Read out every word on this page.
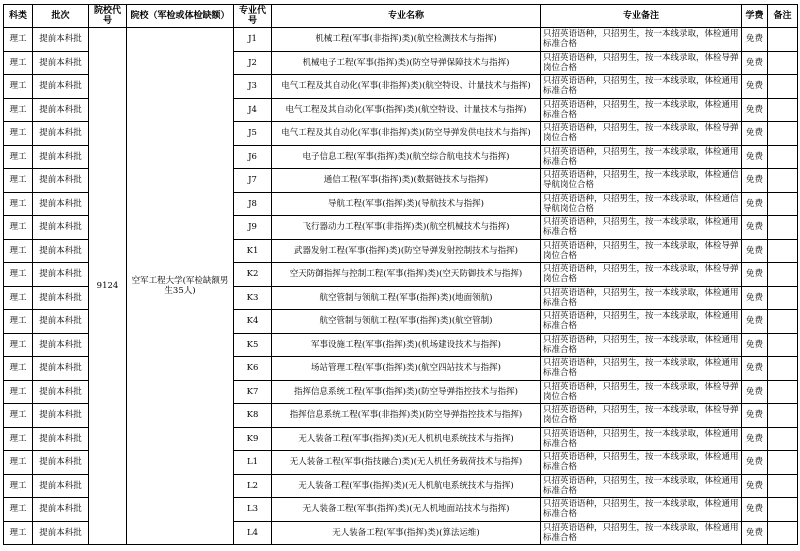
科类	批次	院校代号	院校（军检或体检缺额）	专业代号	专业名称	专业备注	学费	备注
理工	提前本科批	9124	空军工程大学(军检缺额男生35人)	J1	机械工程(军事(非指挥)类)(航空检测技术与指挥)	只招英语语种，只招男生，按一本线录取，体检通用标准合格	免费	
理工	提前本科批			J2	机械电子工程(军事(指挥)类)(防空导弹保障技术与指挥)	只招英语语种，只招男生，按一本线录取，体检导弹岗位合格	免费	
理工	提前本科批			J3	电气工程及其自动化(军事(非指挥)类)(航空特设、计量技术与指挥)	只招英语语种，只招男生，按一本线录取，体检通用标准合格	免费	
理工	提前本科批			J4	电气工程及其自动化(军事(指挥)类)(航空特设、计量技术与指挥)	只招英语语种，只招男生，按一本线录取，体检通用标准合格	免费	
理工	提前本科批			J5	电气工程及其自动化(军事(非指挥)类)(防空导弹发供电技术与指挥)	只招英语语种，只招男生，按一本线录取，体检导弹岗位合格	免费	
理工	提前本科批			J6	电子信息工程(军事(指挥)类)(航空综合航电技术与指挥)	只招英语语种，只招男生，按一本线录取，体检通用标准合格	免费	
理工	提前本科批			J7	通信工程(军事(指挥)类)(数据链技术与指挥)	只招英语语种，只招男生，按一本线录取，体检通信导航岗位合格	免费	
理工	提前本科批			J8	导航工程(军事(指挥)类)(导航技术与指挥)	只招英语语种，只招男生，按一本线录取，体检通信导航岗位合格	免费	
理工	提前本科批			J9	飞行器动力工程(军事(非指挥)类)(航空机械技术与指挥)	只招英语语种，只招男生，按一本线录取，体检通用标准合格	免费	
理工	提前本科批			K1	武器发射工程(军事(指挥)类)(防空导弹发射控制技术与指挥)	只招英语语种，只招男生，按一本线录取，体检导弹岗位合格	免费	
理工	提前本科批			K2	空天防御指挥与控制工程(军事(指挥)类)(空天防御技术与指挥)	只招英语语种，只招男生，按一本线录取，体检导弹岗位合格	免费	
理工	提前本科批			K3	航空管制与领航工程(军事(指挥)类)(地面领航)	只招英语语种，只招男生，按一本线录取，体检通用标准合格	免费	
理工	提前本科批			K4	航空管制与领航工程(军事(指挥)类)(航空管制)	只招英语语种，只招男生，按一本线录取，体检通用标准合格	免费	
理工	提前本科批			K5	军事设施工程(军事(指挥)类)(机场建设技术与指挥)	只招英语语种，只招男生，按一本线录取，体检通用标准合格	免费	
理工	提前本科批			K6	场站管理工程(军事(指挥)类)(航空四站技术与指挥)	只招英语语种，只招男生，按一本线录取，体检通用标准合格	免费	
理工	提前本科批			K7	指挥信息系统工程(军事(指挥)类)(防空导弹指控技术与指挥)	只招英语语种，只招男生，按一本线录取，体检导弹岗位合格	免费	
理工	提前本科批			K8	指挥信息系统工程(军事(非指挥)类)(防空导弹指控技术与指挥)	只招英语语种，只招男生，按一本线录取，体检导弹岗位合格	免费	
理工	提前本科批			K9	无人装备工程(军事(指挥)类)(无人机机电系统技术与指挥)	只招英语语种，只招男生，按一本线录取，体检通用标准合格	免费	
理工	提前本科批			L1	无人装备工程(军事(指技融合)类)(无人机任务载荷技术与指挥)	只招英语语种，只招男生，按一本线录取，体检通用标准合格	免费	
理工	提前本科批			L2	无人装备工程(军事(指挥)类)(无人机航电系统技术与指挥)	只招英语语种，只招男生，按一本线录取，体检通用标准合格	免费	
理工	提前本科批			L3	无人装备工程(军事(指挥)类)(无人机地面站技术与指挥)	只招英语语种，只招男生，按一本线录取，体检通用标准合格	免费	
理工	提前本科批			L4	无人装备工程(军事(指挥)类)(算法运维)	只招英语语种，只招男生，按一本线录取，体检通用标准合格	免费	
